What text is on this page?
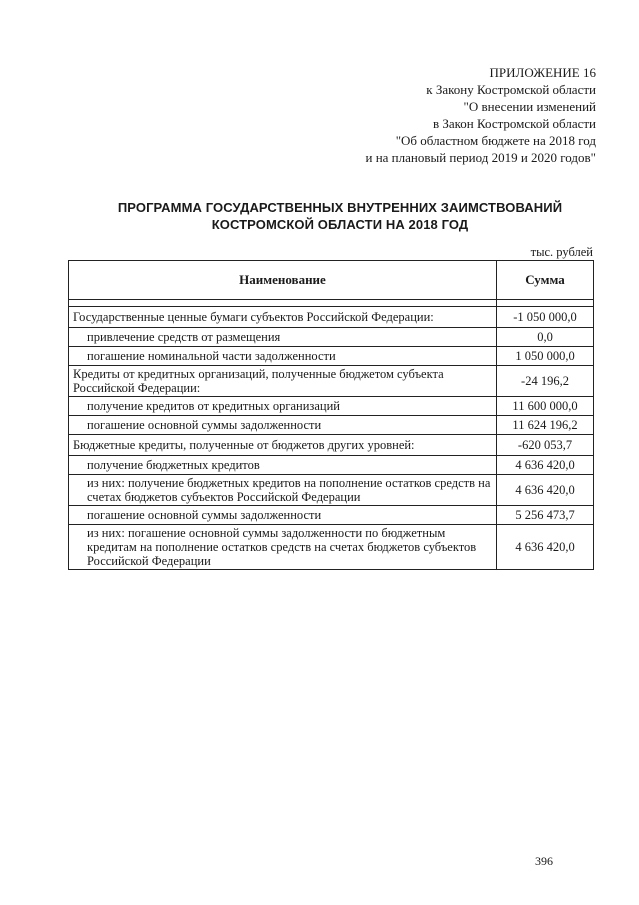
ПРИЛОЖЕНИЕ 16
к Закону Костромской области
"О внесении изменений
в Закон Костромской области
"Об областном бюджете на 2018 год
и на плановый период 2019 и 2020 годов"
ПРОГРАММА ГОСУДАРСТВЕННЫХ ВНУТРЕННИХ ЗАИМСТВОВАНИЙ
КОСТРОМСКОЙ ОБЛАСТИ НА 2018 ГОД
тыс. рублей
Наименование	Сумма

Государственные ценные бумаги субъектов Российской Федерации:	-1 050 000,0
привлечение средств от размещения	0,0
погашение номинальной части задолженности	1 050 000,0
Кредиты от кредитных организаций, полученные бюджетом субъекта Российской Федерации:	-24 196,2
получение кредитов от кредитных организаций	11 600 000,0
погашение основной суммы задолженности	11 624 196,2
Бюджетные кредиты, полученные от бюджетов других уровней:	-620 053,7
получение бюджетных кредитов	4 636 420,0
из них: получение бюджетных кредитов на пополнение остатков средств на счетах бюджетов субъектов Российской Федерации	4 636 420,0
погашение основной суммы задолженности	5 256 473,7
из них: погашение основной суммы задолженности по бюджетным кредитам на пополнение остатков средств на счетах бюджетов субъектов Российской Федерации	4 636 420,0
396
